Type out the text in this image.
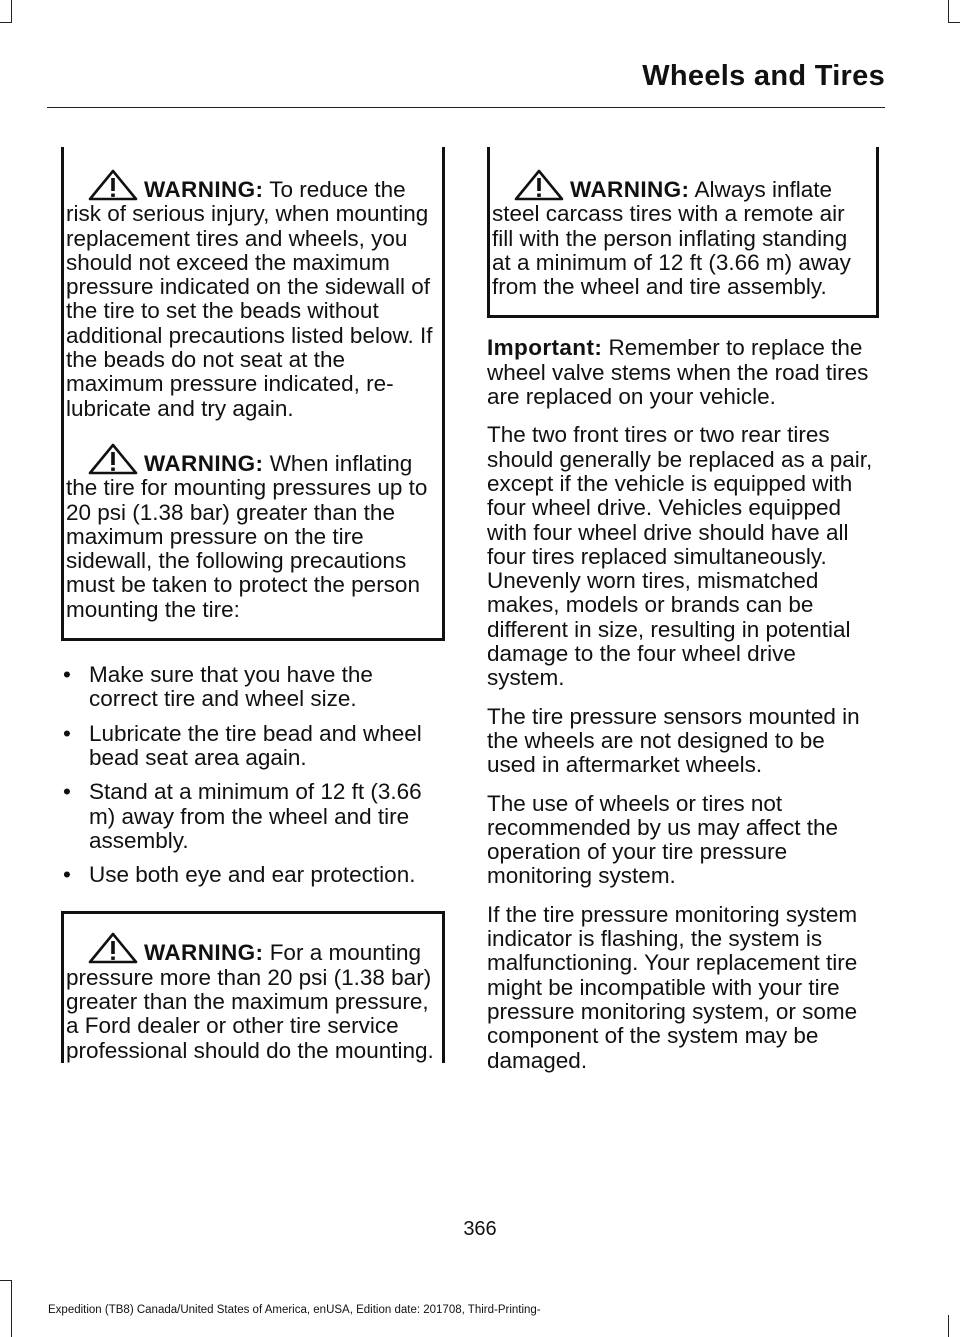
Wheels and Tires

WARNING: To reduce the risk of serious injury, when mounting replacement tires and wheels, you should not exceed the maximum pressure indicated on the sidewall of the tire to set the beads without additional precautions listed below. If the beads do not seat at the maximum pressure indicated, re-lubricate and try again.

WARNING: When inflating the tire for mounting pressures up to 20 psi (1.38 bar) greater than the maximum pressure on the tire sidewall, the following precautions must be taken to protect the person mounting the tire:

• Make sure that you have the correct tire and wheel size.
• Lubricate the tire bead and wheel bead seat area again.
• Stand at a minimum of 12 ft (3.66 m) away from the wheel and tire assembly.
• Use both eye and ear protection.

WARNING: For a mounting pressure more than 20 psi (1.38 bar) greater than the maximum pressure, a Ford dealer or other tire service professional should do the mounting.

WARNING: Always inflate steel carcass tires with a remote air fill with the person inflating standing at a minimum of 12 ft (3.66 m) away from the wheel and tire assembly.

Important: Remember to replace the wheel valve stems when the road tires are replaced on your vehicle.

The two front tires or two rear tires should generally be replaced as a pair, except if the vehicle is equipped with four wheel drive. Vehicles equipped with four wheel drive should have all four tires replaced simultaneously. Unevenly worn tires, mismatched makes, models or brands can be different in size, resulting in potential damage to the four wheel drive system.

The tire pressure sensors mounted in the wheels are not designed to be used in aftermarket wheels.

The use of wheels or tires not recommended by us may affect the operation of your tire pressure monitoring system.

If the tire pressure monitoring system indicator is flashing, the system is malfunctioning. Your replacement tire might be incompatible with your tire pressure monitoring system, or some component of the system may be damaged.

366
Expedition (TB8) Canada/United States of America, enUSA, Edition date: 201708, Third-Printing-
